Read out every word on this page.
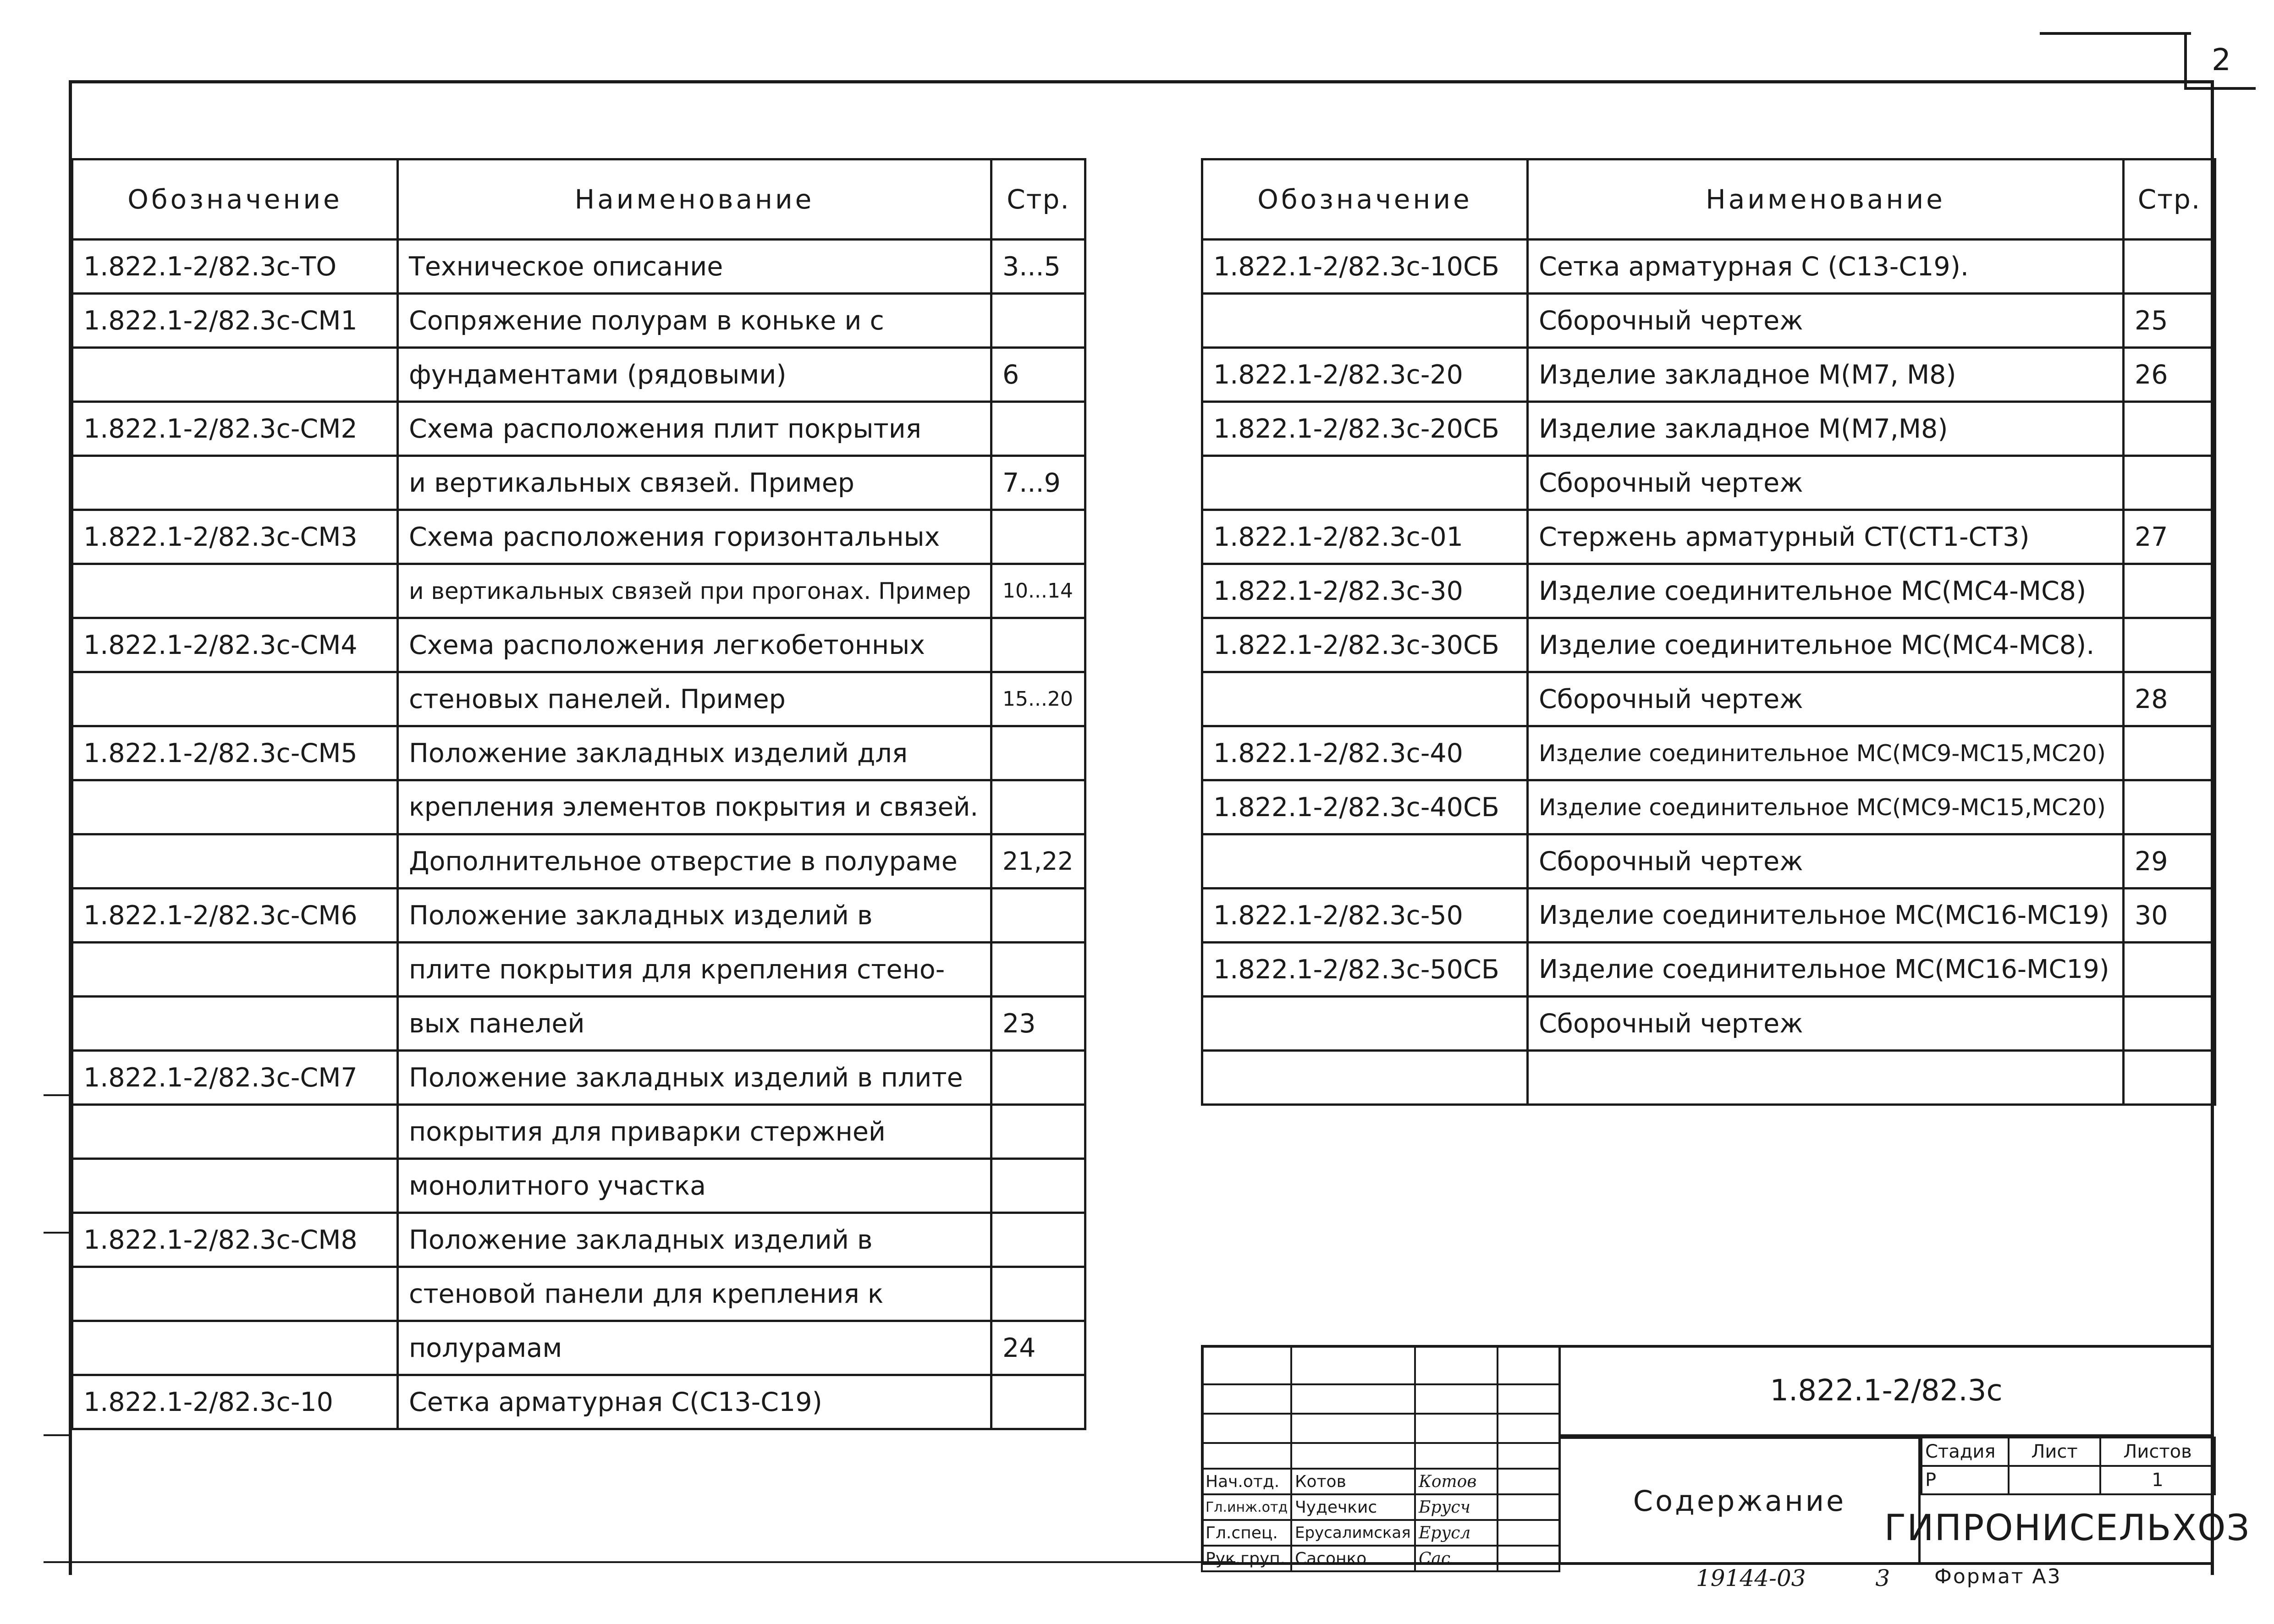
2
Обозначение	Наименование	Стр.
1.822.1-2/82.3с-ТО	Техническое описание	3...5
1.822.1-2/82.3с-СМ1	Сопряжение полурам в коньке и с	
	фундаментами (рядовыми)	6
1.822.1-2/82.3с-СМ2	Схема расположения плит покрытия	
	и вертикальных связей. Пример	7...9
1.822.1-2/82.3с-СМ3	Схема расположения горизонтальных	
	и вертикальных связей при прогонах. Пример	10...14
1.822.1-2/82.3с-СМ4	Схема расположения легкобетонных	
	стеновых панелей. Пример	15...20
1.822.1-2/82.3с-СМ5	Положение закладных изделий для	
	крепления элементов покрытия и связей.	
	Дополнительное отверстие в полураме	21,22
1.822.1-2/82.3с-СМ6	Положение закладных изделий в	
	плите покрытия для крепления стено-	
	вых панелей	23
1.822.1-2/82.3с-СМ7	Положение закладных изделий в плите	
	покрытия для приварки стержней	
	монолитного участка	
1.822.1-2/82.3с-СМ8	Положение закладных изделий в	
	стеновой панели для крепления к	
	полурамам	24
1.822.1-2/82.3с-10	Сетка арматурная С(С13-С19)	
Обозначение	Наименование	Стр.
1.822.1-2/82.3с-10СБ	Сетка арматурная С (С13-С19).	
	Сборочный чертеж	25
1.822.1-2/82.3с-20	Изделие закладное М(М7, М8)	26
1.822.1-2/82.3с-20СБ	Изделие закладное М(М7,М8)	
	Сборочный чертеж	
1.822.1-2/82.3с-01	Стержень арматурный СТ(СТ1-СТ3)	27
1.822.1-2/82.3с-30	Изделие соединительное МС(МС4-МС8)	
1.822.1-2/82.3с-30СБ	Изделие соединительное МС(МС4-МС8).	
	Сборочный чертеж	28
1.822.1-2/82.3с-40	Изделие соединительное МС(МС9-МС15,МС20)	
1.822.1-2/82.3с-40СБ	Изделие соединительное МС(МС9-МС15,МС20)	
	Сборочный чертеж	29
1.822.1-2/82.3с-50	Изделие соединительное МС(МС16-МС19)	30
1.822.1-2/82.3с-50СБ	Изделие соединительное МС(МС16-МС19)	
	Сборочный чертеж	

Нач.отд.	Котов	Котов	
Гл.инж.отд	Чудечкис	Брусч	
Гл.спец.	Ерусалимская	Ерусл	
Рук.груп.	Сасонко	Сас	
1.822.1-2/82.3с
Содержание
Стадия	Лист	Листов
Р		1
ГИПРОНИСЕЛЬХОЗ
19144-03	3 Формат А3
